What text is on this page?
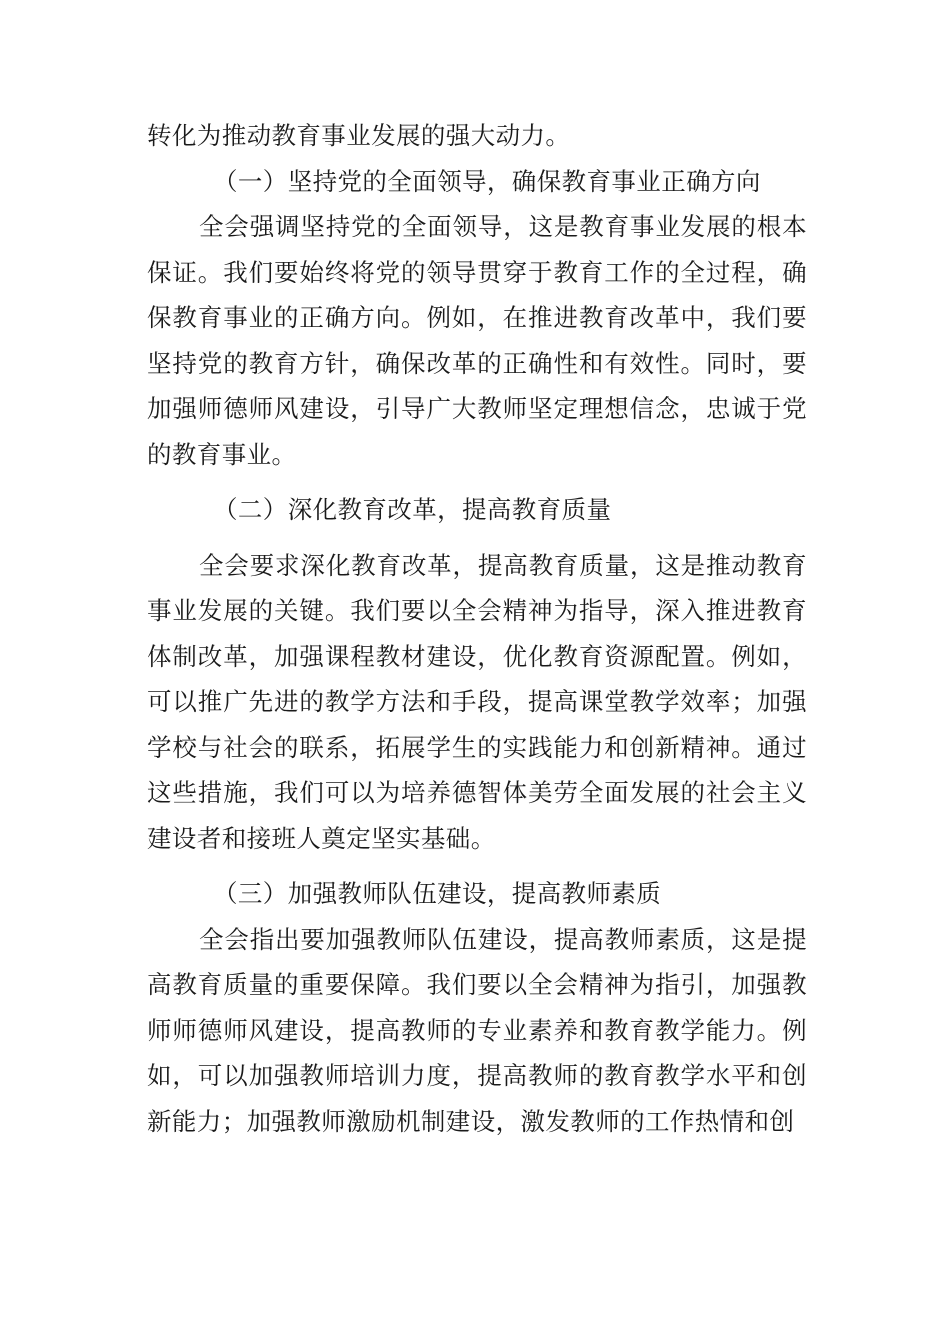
转化为推动教育事业发展的强大动力。
（一）坚持党的全面领导，确保教育事业正确方向
全会强调坚持党的全面领导，这是教育事业发展的根本保证。我们要始终将党的领导贯穿于教育工作的全过程，确保教育事业的正确方向。例如，在推进教育改革中，我们要坚持党的教育方针，确保改革的正确性和有效性。同时，要加强师德师风建设，引导广大教师坚定理想信念，忠诚于党的教育事业。
（二）深化教育改革，提高教育质量
全会要求深化教育改革，提高教育质量，这是推动教育事业发展的关键。我们要以全会精神为指导，深入推进教育体制改革，加强课程教材建设，优化教育资源配置。例如，可以推广先进的教学方法和手段，提高课堂教学效率；加强学校与社会的联系，拓展学生的实践能力和创新精神。通过这些措施，我们可以为培养德智体美劳全面发展的社会主义建设者和接班人奠定坚实基础。
（三）加强教师队伍建设，提高教师素质
全会指出要加强教师队伍建设，提高教师素质，这是提高教育质量的重要保障。我们要以全会精神为指引，加强教师师德师风建设，提高教师的专业素养和教育教学能力。例如，可以加强教师培训力度，提高教师的教育教学水平和创新能力；加强教师激励机制建设，激发教师的工作热情和创
